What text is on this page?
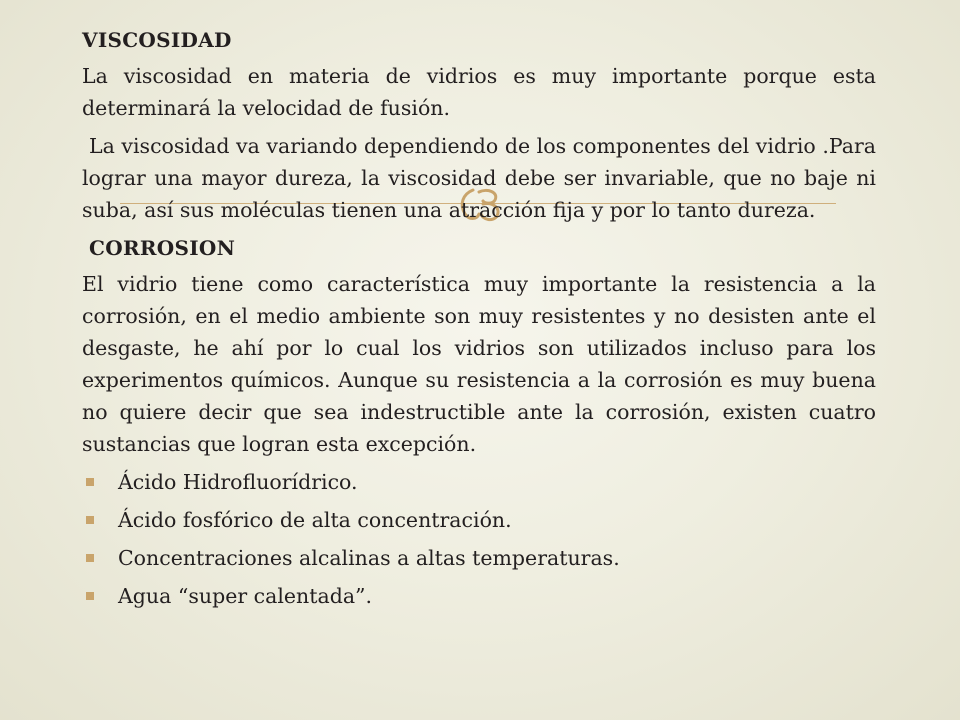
VISCOSIDAD

La viscosidad en materia de vidrios es muy importante porque esta determinará la velocidad de fusión.

La viscosidad va variando dependiendo de los componentes del vidrio .Para lograr una mayor dureza, la viscosidad debe ser invariable, que no baje ni suba, así sus moléculas tienen una atracción fija y por lo tanto dureza.

CORROSION

El vidrio tiene como característica muy importante la resistencia a la corrosión, en el medio ambiente son muy resistentes y no desisten ante el desgaste, he ahí por lo cual los vidrios son utilizados incluso para los experimentos químicos. Aunque su resistencia a la corrosión es muy buena no quiere decir que sea indestructible ante la corrosión, existen cuatro sustancias que logran esta excepción.

Ácido Hidrofluorídrico.
Ácido fosfórico de alta concentración.
Concentraciones alcalinas a altas temperaturas.
Agua “super calentada”.
